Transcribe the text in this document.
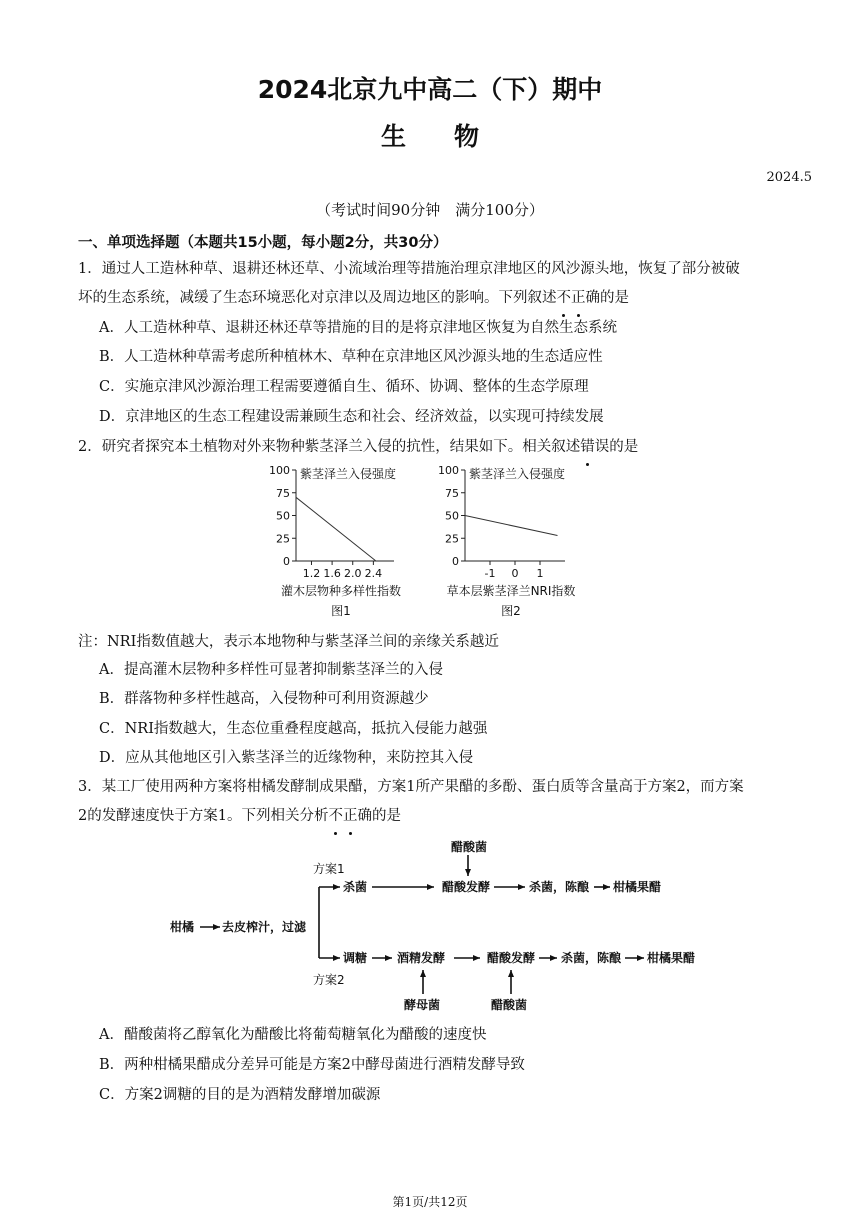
2024北京九中高二（下）期中
生物
2024.5
（考试时间90分钟　满分100分）
一、单项选择题（本题共15小题，每小题2分，共30分）
1．通过人工造林种草、退耕还林还草、小流域治理等措施治理京津地区的风沙源头地，恢复了部分被破
坏的生态系统，减缓了生态环境恶化对京津以及周边地区的影响。下列叙述不正确的是
A．人工造林种草、退耕还林还草等措施的目的是将京津地区恢复为自然生态系统
B．人工造林种草需考虑所种植林木、草种在京津地区风沙源头地的生态适应性
C．实施京津风沙源治理工程需要遵循自生、循环、协调、整体的生态学原理
D．京津地区的生态工程建设需兼顾生态和社会、经济效益，以实现可持续发展
2．研究者探究本土植物对外来物种紫茎泽兰入侵的抗性，结果如下。相关叙述错误的是
0
25
50
75
100
1.2 1.6 2.0 2.4
紫茎泽兰入侵强度
灌木层物种多样性指数
图1
0
25
50
75
100
-1 0 1
紫茎泽兰入侵强度
草本层紫茎泽兰NRI指数
图2
注：NRI指数值越大，表示本地物种与紫茎泽兰间的亲缘关系越近
A．提高灌木层物种多样性可显著抑制紫茎泽兰的入侵
B．群落物种多样性越高，入侵物种可利用资源越少
C．NRI指数越大，生态位重叠程度越高，抵抗入侵能力越强
D．应从其他地区引入紫茎泽兰的近缘物种，来防控其入侵
3．某工厂使用两种方案将柑橘发酵制成果醋，方案1所产果醋的多酚、蛋白质等含量高于方案2，而方案
2的发酵速度快于方案1。下列相关分析不正确的是
柑橘 去皮榨汁，过滤
方案1
方案2
杀菌
醋酸菌
醋酸发酵	杀菌，陈酿 柑橘果醋
调糖 酒精发酵
酵母菌
醋酸发酵
醋酸菌
杀菌，陈酿 柑橘果醋
A．醋酸菌将乙醇氧化为醋酸比将葡萄糖氧化为醋酸的速度快
B．两种柑橘果醋成分差异可能是方案2中酵母菌进行酒精发酵导致
C．方案2调糖的目的是为酒精发酵增加碳源
第1页/共12页
